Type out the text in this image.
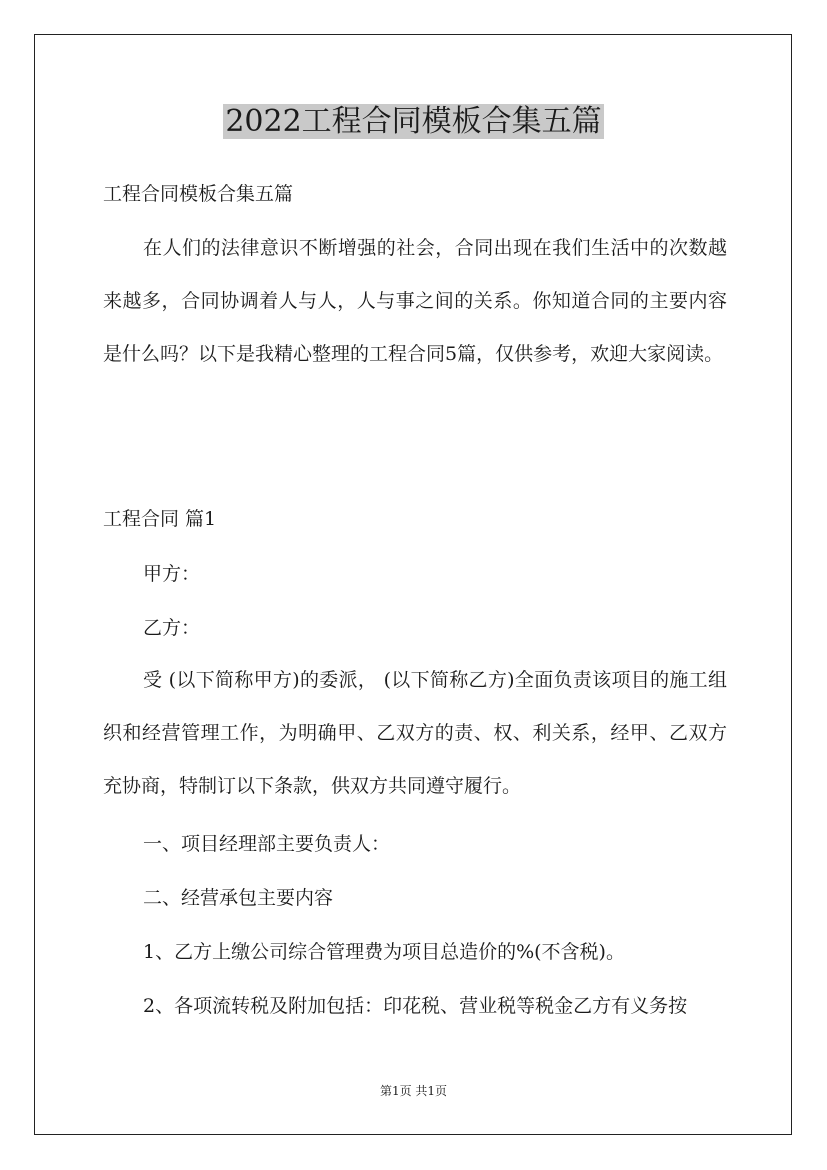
2022工程合同模板合集五篇
工程合同模板合集五篇
在人们的法律意识不断增强的社会，合同出现在我们生活中的次数越来越多，合同协调着人与人，人与事之间的关系。你知道合同的主要内容是什么吗？以下是我精心整理的工程合同5篇，仅供参考，欢迎大家阅读。
工程合同 篇1
甲方：
乙方：
受 (以下简称甲方)的委派， (以下简称乙方)全面负责该项目的施工组织和经营管理工作，为明确甲、乙双方的责、权、利关系，经甲、乙双方充协商，特制订以下条款，供双方共同遵守履行。
一、项目经理部主要负责人：
二、经营承包主要内容
1、乙方上缴公司综合管理费为项目总造价的%(不含税)。
2、各项流转税及附加包括：印花税、营业税等税金乙方有义务按
第1页 共1页
